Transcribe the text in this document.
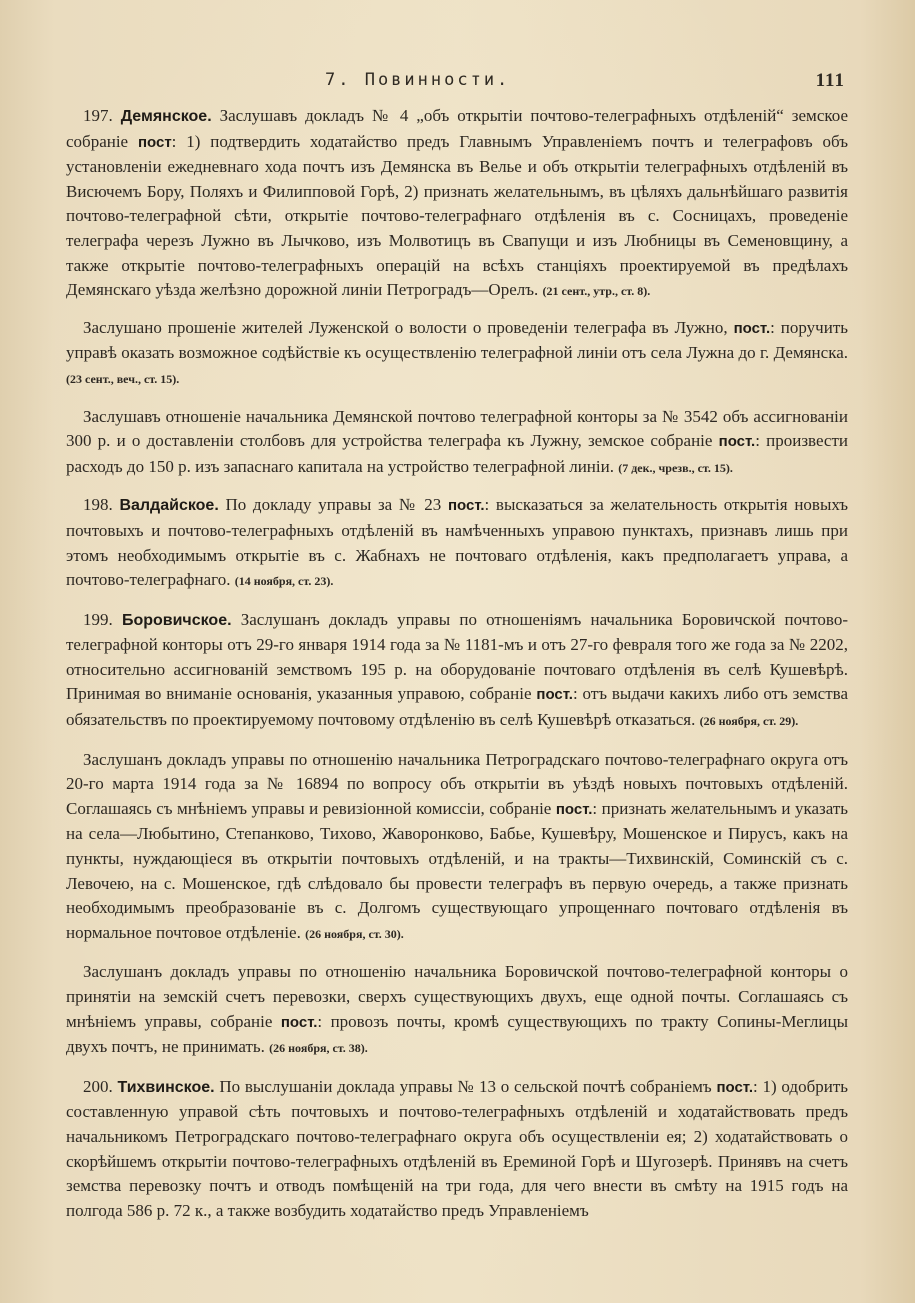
7. Повинности.	111

 197. Демянское. Заслушавъ докладъ № 4 „объ открытіи почтово-телеграфныхъ отдѣленій“ земское собраніе пост: 1) подтвердить ходатайство предъ Главнымъ Управленіемъ почтъ и телеграфовъ объ установленіи ежедневнаго хода почтъ изъ Демянска въ Велье и объ открытіи телеграфныхъ отдѣленій въ Висючемъ Бору, Поляхъ и Филипповой Горѣ, 2) признать желательнымъ, въ цѣляхъ дальнѣйшаго развитія почтово-телеграфной сѣти, открытіе почтово-телеграфнаго отдѣленія въ с. Сосницахъ, проведеніе телеграфа черезъ Лужно въ Лычково, изъ Молвотицъ въ Свапущи и изъ Любницы въ Семеновщину, а также открытіе почтово-телеграфныхъ операцій на всѣхъ станціяхъ проектируемой въ предѣлахъ Демянскаго уѣзда желѣзно дорожной линіи Петроградъ—Орелъ. (21 сент., утр., ст. 8).

 Заслушано прошеніе жителей Луженской о волости о проведеніи телеграфа въ Лужно, пост.: поручить управѣ оказать возможное содѣйствіе къ осуществленію телеграфной линіи отъ села Лужна до г. Демянска. (23 сент., веч., ст. 15).

 Заслушавъ отношеніе начальника Демянской почтово телеграфной конторы за № 3542 объ ассигнованіи 300 р. и о доставленіи столбовъ для устройства телеграфа къ Лужну, земское собраніе пост.: произвести расходъ до 150 р. изъ запаснаго капитала на устройство телеграфной линіи. (7 дек., чрезв., ст. 15).

 198. Валдайское. По докладу управы за № 23 пост.: высказаться за желательность открытія новыхъ почтовыхъ и почтово-телеграфныхъ отдѣленій въ намѣченныхъ управою пунктахъ, признавъ лишь при этомъ необходимымъ открытіе въ с. Жабнахъ не почтоваго отдѣленія, какъ предполагаетъ управа, а почтово-телеграфнаго. (14 ноября, ст. 23).

 199. Боровичское. Заслушанъ докладъ управы по отношеніямъ начальника Боровичской почтово-телеграфной конторы отъ 29-го января 1914 года за № 1181-мъ и отъ 27-го февраля того же года за № 2202, относительно ассигнованій земствомъ 195 р. на оборудованіе почтоваго отдѣленія въ селѣ Кушевѣрѣ. Принимая во вниманіе основанія, указанныя управою, собраніе пост.: отъ выдачи какихъ либо отъ земства обязательствъ по проектируемому почтовому отдѣленію въ селѣ Кушевѣрѣ отказаться. (26 ноября, ст. 29).

 Заслушанъ докладъ управы по отношенію начальника Петроградскаго почтово-телеграфнаго округа отъ 20-го марта 1914 года за № 16894 по вопросу объ открытіи въ уѣздѣ новыхъ почтовыхъ отдѣленій. Соглашаясь съ мнѣніемъ управы и ревизіонной комиссіи, собраніе пост.: признать желательнымъ и указать на села—Любытино, Степанково, Тихово, Жаворонково, Бабье, Кушевѣру, Мошенское и Пирусъ, какъ на пункты, нуждающіеся въ открытіи почтовыхъ отдѣленій, и на тракты—Тихвинскій, Соминскій съ с. Левочею, на с. Мошенское, гдѣ слѣдовало бы провести телеграфъ въ первую очередь, а также признать необходимымъ преобразованіе въ с. Долгомъ существующаго упрощеннаго почтоваго отдѣленія въ нормальное почтовое отдѣленіе. (26 ноября, ст. 30).

 Заслушанъ докладъ управы по отношенію начальника Боровичской почтово-телеграфной конторы о принятіи на земскій счетъ перевозки, сверхъ существующихъ двухъ, еще одной почты. Соглашаясь съ мнѣніемъ управы, собраніе пост.: провозъ почты, кромѣ существующихъ по тракту Сопины-Меглицы двухъ почтъ, не принимать. (26 ноября, ст. 38).

 200. Тихвинское. По выслушаніи доклада управы № 13 о сельской почтѣ собраніемъ пост.: 1) одобрить составленную управой сѣть почтовыхъ и почтово-телеграфныхъ отдѣленій и ходатайствовать предъ начальникомъ Петроградскаго почтово-телеграфнаго округа объ осуществленіи ея; 2) ходатайствовать о скорѣйшемъ открытіи почтово-телеграфныхъ отдѣленій въ Ереминой Горѣ и Шугозерѣ. Принявъ на счетъ земства перевозку почтъ и отводъ помѣщеній на три года, для чего внести въ смѣту на 1915 годъ на полгода 586 р. 72 к., а также возбудить ходатайство предъ Управленіемъ
